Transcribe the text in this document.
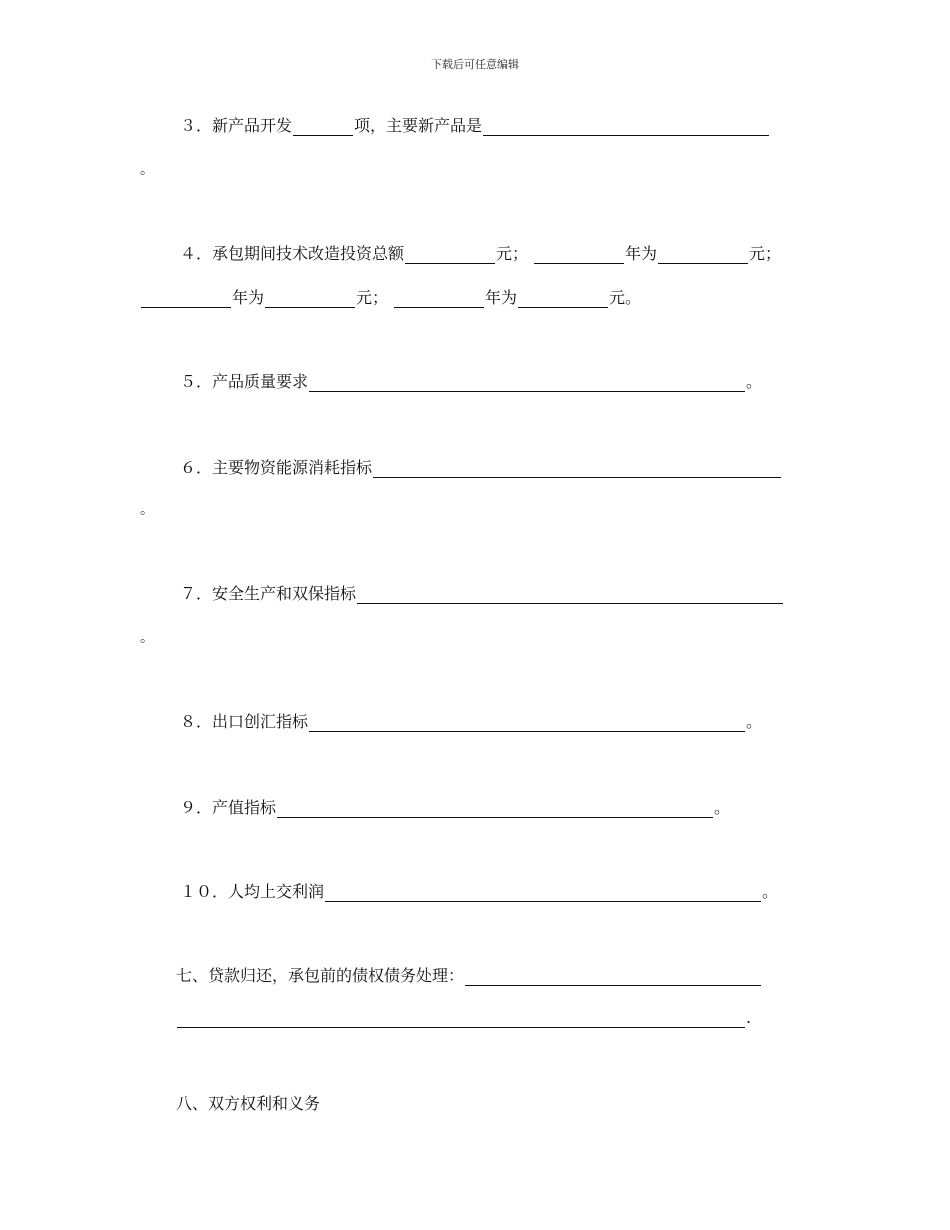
下载后可任意编辑
３．新产品开发	项，主要新产品是
。
４．承包期间技术改造投资总额	元；	年为	元；
年为	元；	年为	元。
５．产品质量要求	。
６．主要物资能源消耗指标
。
７．安全生产和双保指标
。
８．出口创汇指标	。
９．产值指标	。
１０．人均上交利润	。
七、贷款归还，承包前的债权债务处理：
.
八、双方权利和义务
